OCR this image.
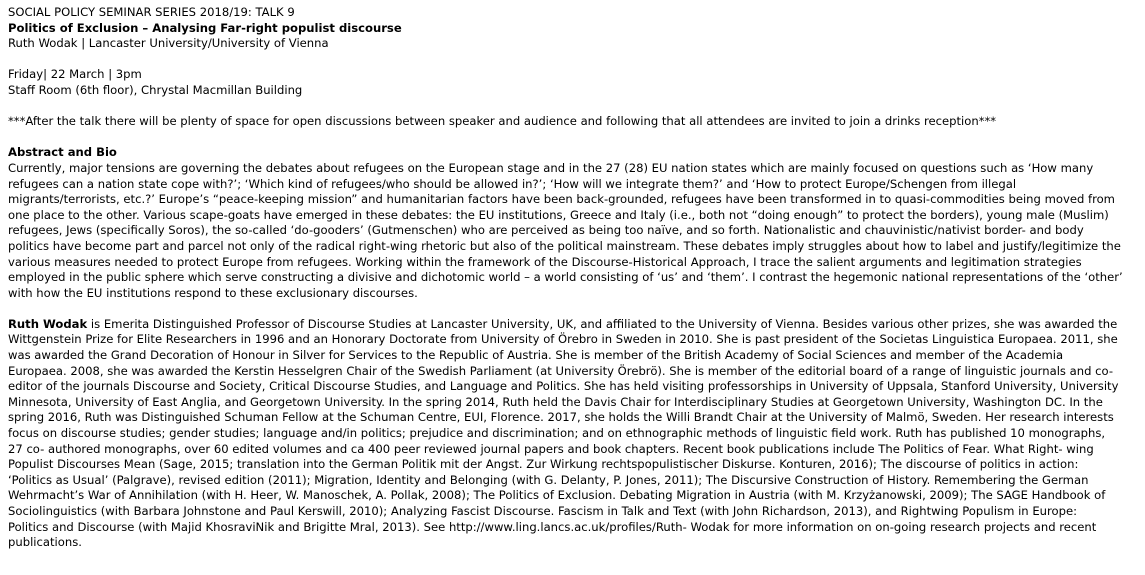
SOCIAL POLICY SEMINAR SERIES 2018/19: TALK 9
Politics of Exclusion – Analysing Far-right populist discourse
Ruth Wodak | Lancaster University/University of Vienna
Friday| 22 March | 3pm
Staff Room (6th floor), Chrystal Macmillan Building
***After the talk there will be plenty of space for open discussions between speaker and audience and following that all attendees are invited to join a drinks reception***
Abstract and Bio
Currently, major tensions are governing the debates about refugees on the European stage and in the 27 (28) EU nation states which are mainly focused on questions such as ‘How many
refugees can a nation state cope with?’; ‘Which kind of refugees/who should be allowed in?’; ‘How will we integrate them?’ and ‘How to protect Europe/Schengen from illegal
migrants/terrorists, etc.?’ Europe’s “peace-keeping mission” and humanitarian factors have been back-grounded, refugees have been transformed in to quasi-commodities being moved from
one place to the other. Various scape-goats have emerged in these debates: the EU institutions, Greece and Italy (i.e., both not “doing enough” to protect the borders), young male (Muslim)
refugees, Jews (specifically Soros), the so-called ‘do-gooders’ (Gutmenschen) who are perceived as being too naïve, and so forth. Nationalistic and chauvinistic/nativist border- and body
politics have become part and parcel not only of the radical right-wing rhetoric but also of the political mainstream. These debates imply struggles about how to label and justify/legitimize the
various measures needed to protect Europe from refugees. Working within the framework of the Discourse-Historical Approach, I trace the salient arguments and legitimation strategies
employed in the public sphere which serve constructing a divisive and dichotomic world – a world consisting of ‘us’ and ‘them’. I contrast the hegemonic national representations of the ‘other’
with how the EU institutions respond to these exclusionary discourses.
Ruth Wodak is Emerita Distinguished Professor of Discourse Studies at Lancaster University, UK, and affiliated to the University of Vienna. Besides various other prizes, she was awarded the
Wittgenstein Prize for Elite Researchers in 1996 and an Honorary Doctorate from University of Örebro in Sweden in 2010. She is past president of the Societas Linguistica Europaea. 2011, she
was awarded the Grand Decoration of Honour in Silver for Services to the Republic of Austria. She is member of the British Academy of Social Sciences and member of the Academia
Europaea. 2008, she was awarded the Kerstin Hesselgren Chair of the Swedish Parliament (at University Örebrö). She is member of the editorial board of a range of linguistic journals and co-
editor of the journals Discourse and Society, Critical Discourse Studies, and Language and Politics. She has held visiting professorships in University of Uppsala, Stanford University, University
Minnesota, University of East Anglia, and Georgetown University. In the spring 2014, Ruth held the Davis Chair for Interdisciplinary Studies at Georgetown University, Washington DC. In the
spring 2016, Ruth was Distinguished Schuman Fellow at the Schuman Centre, EUI, Florence. 2017, she holds the Willi Brandt Chair at the University of Malmö, Sweden. Her research interests
focus on discourse studies; gender studies; language and/in politics; prejudice and discrimination; and on ethnographic methods of linguistic field work. Ruth has published 10 monographs,
27 co- authored monographs, over 60 edited volumes and ca 400 peer reviewed journal papers and book chapters. Recent book publications include The Politics of Fear. What Right- wing
Populist Discourses Mean (Sage, 2015; translation into the German Politik mit der Angst. Zur Wirkung rechtspopulistischer Diskurse. Konturen, 2016); The discourse of politics in action:
‘Politics as Usual’ (Palgrave), revised edition (2011); Migration, Identity and Belonging (with G. Delanty, P. Jones, 2011); The Discursive Construction of History. Remembering the German
Wehrmacht’s War of Annihilation (with H. Heer, W. Manoschek, A. Pollak, 2008); The Politics of Exclusion. Debating Migration in Austria (with M. Krzyżanowski, 2009); The SAGE Handbook of
Sociolinguistics (with Barbara Johnstone and Paul Kerswill, 2010); Analyzing Fascist Discourse. Fascism in Talk and Text (with John Richardson, 2013), and Rightwing Populism in Europe:
Politics and Discourse (with Majid KhosraviNik and Brigitte Mral, 2013). See http://www.ling.lancs.ac.uk/profiles/Ruth- Wodak for more information on on-going research projects and recent
publications.
